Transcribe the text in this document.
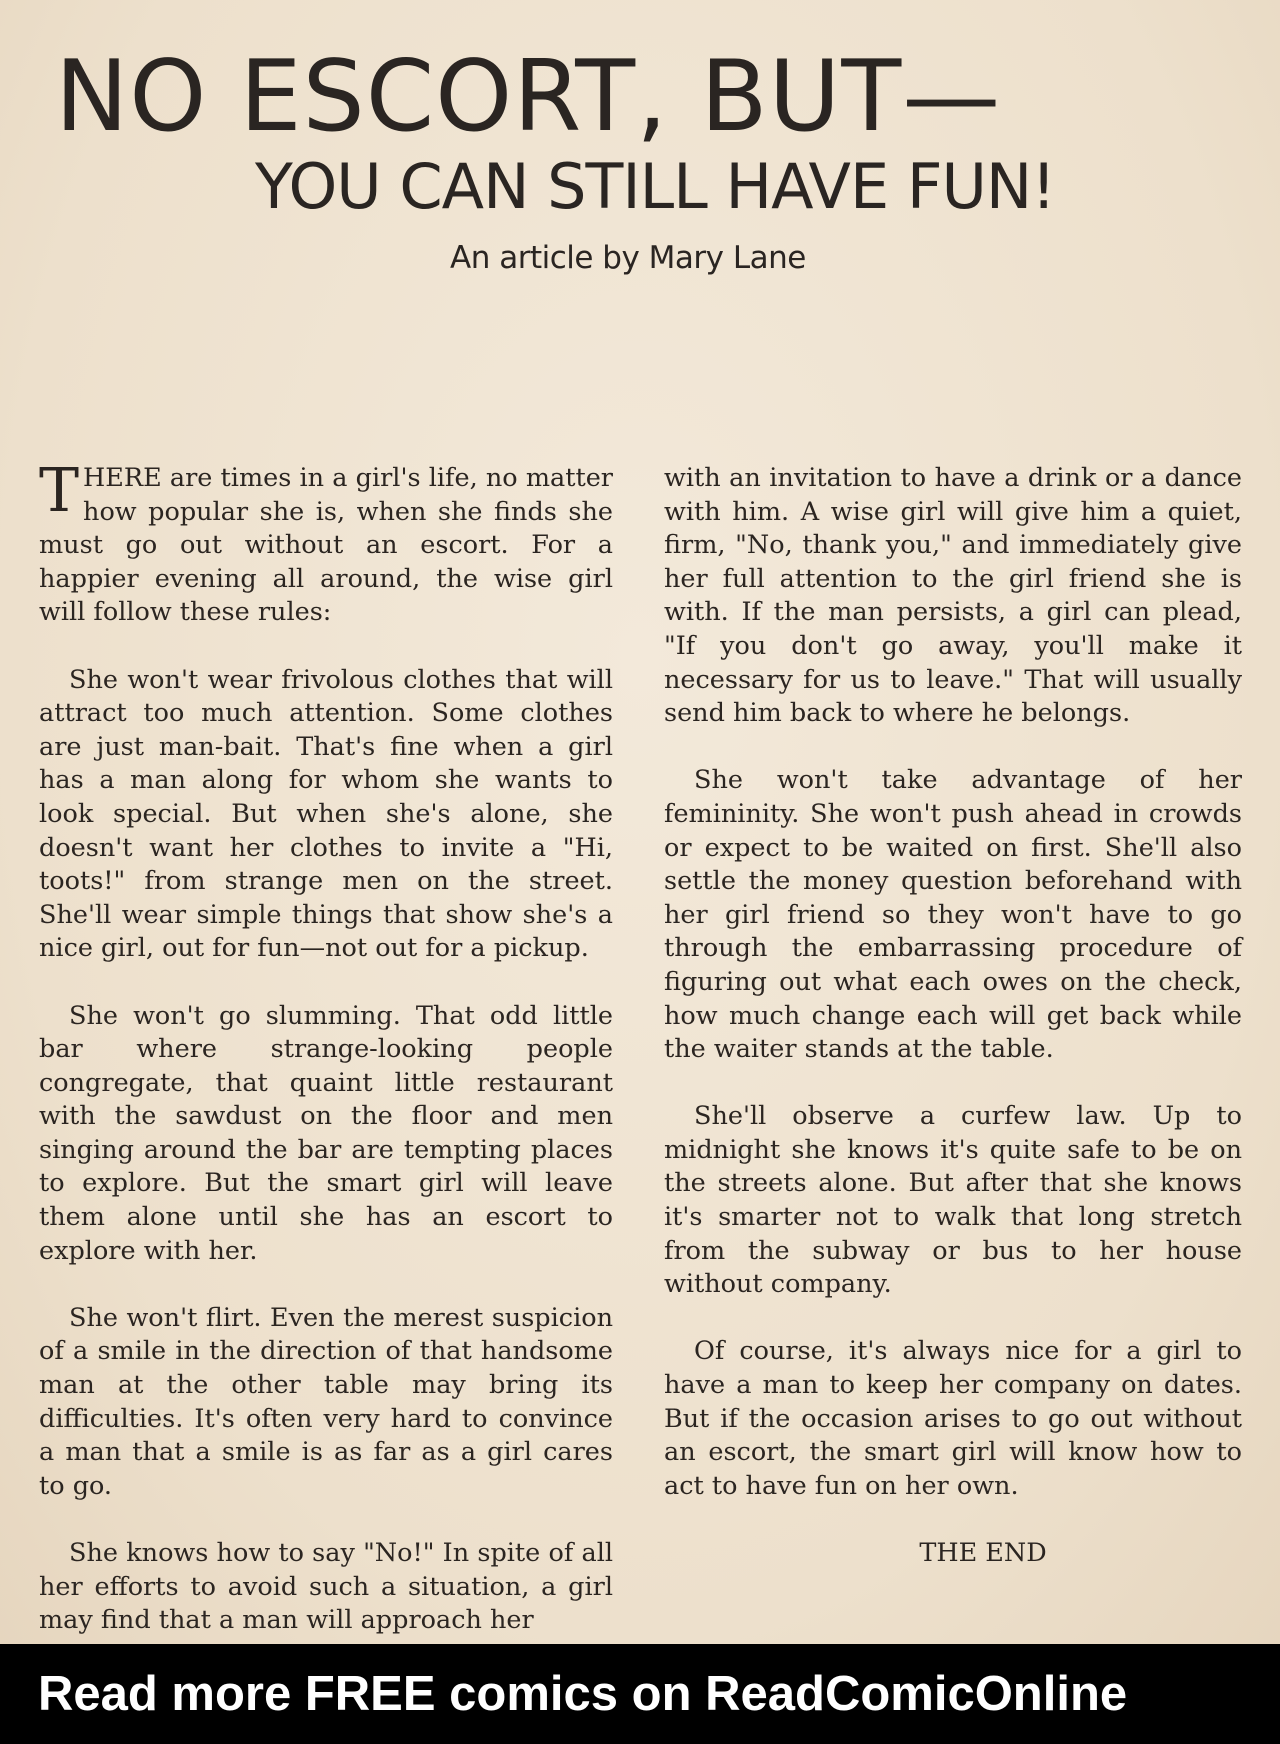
NO ESCORT, BUT—
YOU CAN STILL HAVE FUN!
An article by Mary Lane

THERE are times in a girl's life, no matter how popular she is, when she finds she must go out without an escort. For a happier evening all around, the wise girl will follow these rules:

She won't wear frivolous clothes that will attract too much attention. Some clothes are just man-bait. That's fine when a girl has a man along for whom she wants to look special. But when she's alone, she doesn't want her clothes to invite a "Hi, toots!" from strange men on the street. She'll wear simple things that show she's a nice girl, out for fun—not out for a pickup.

She won't go slumming. That odd little bar where strange-looking people congregate, that quaint little restaurant with the sawdust on the floor and men singing around the bar are tempting places to explore. But the smart girl will leave them alone until she has an escort to explore with her.

She won't flirt. Even the merest suspicion of a smile in the direction of that handsome man at the other table may bring its difficulties. It's often very hard to convince a man that a smile is as far as a girl cares to go.

She knows how to say "No!" In spite of all her efforts to avoid such a situation, a girl may find that a man will approach her

with an invitation to have a drink or a dance with him. A wise girl will give him a quiet, firm, "No, thank you," and immediately give her full attention to the girl friend she is with. If the man persists, a girl can plead, "If you don't go away, you'll make it necessary for us to leave." That will usually send him back to where he belongs.

She won't take advantage of her femininity. She won't push ahead in crowds or expect to be waited on first. She'll also settle the money question beforehand with her girl friend so they won't have to go through the embarrassing procedure of figuring out what each owes on the check, how much change each will get back while the waiter stands at the table.

She'll observe a curfew law. Up to midnight she knows it's quite safe to be on the streets alone. But after that she knows it's smarter not to walk that long stretch from the subway or bus to her house without company.

Of course, it's always nice for a girl to have a man to keep her company on dates. But if the occasion arises to go out without an escort, the smart girl will know how to act to have fun on her own.

THE END

Read more FREE comics on ReadComicOnline
